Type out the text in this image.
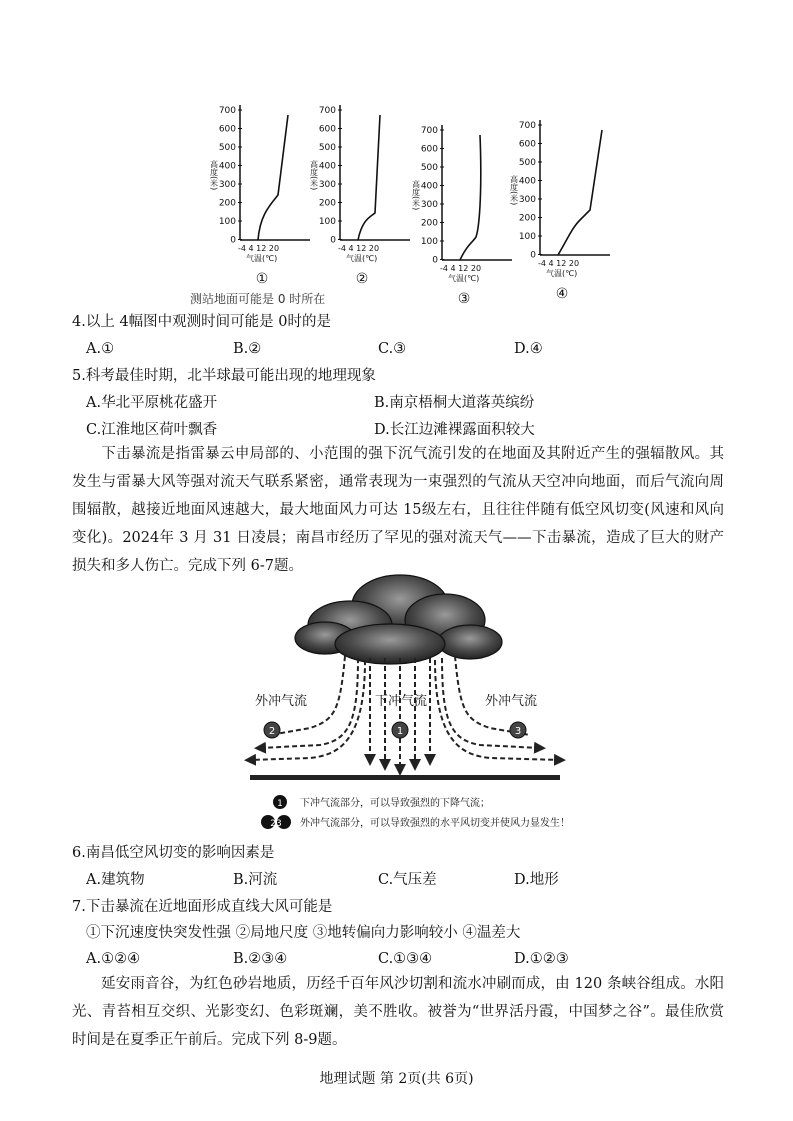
700
600
500
400
300
200
100
0
高度(米)
-4 4 12 20
气温(℃)
①
700
600
500
400
300
200
100
0
高度(米)
-4 4 12 20
气温(℃)
②
700
600
500
400
300
200
100
0
高度(米)
-4 4 12 20
气温(℃)
③
700
600
500
400
300
200
100
0
高度(米)
-4 4 12 20
气温(℃)
④
测站地面可能是 0 时所在
4.以上 4幅图中观测时间可能是 0时的是
A.①	B.②	C.③	D.④
5.科考最佳时期，北半球最可能出现的地理现象
A.华北平原桃花盛开	B.南京梧桐大道落英缤纷
C.江淮地区荷叶飘香	D.长江边滩裸露面积较大
下击暴流是指雷暴云申局部的、小范围的强下沉气流引发的在地面及其附近产生的强辐散风。其发生与雷暴大风等强对流天气联系紧密，通常表现为一束强烈的气流从天空冲向地面，而后气流向周围辐散，越接近地面风速越大，最大地面风力可达 15级左右，且往往伴随有低空风切变(风速和风向变化)。2024年 3 月 31 日凌晨；南昌市经历了罕见的强对流天气——下击暴流，造成了巨大的财产损失和多人伤亡。完成下列 6-7题。
外冲气流	下冲气流	外冲气流
1
2	3
1 下冲气流部分，可以导致强烈的下降气流；
23 外冲气流部分，可以导致强烈的水平风切变并使风力显发生！
6.南昌低空风切变的影响因素是
A.建筑物	B.河流	C.气压差	D.地形
7.下击暴流在近地面形成直线大风可能是
①下沉速度快突发性强 ②局地尺度 ③地转偏向力影响较小 ④温差大
A.①②④	B.②③④	C.①③④	D.①②③
延安雨音谷，为红色砂岩地质，历经千百年风沙切割和流水冲刷而成，由 120 条峡谷组成。水阳光、青苔相互交织、光影变幻、色彩斑斓，美不胜收。被誉为“世界活丹霞，中国梦之谷”。最佳欣赏时间是在夏季正午前后。完成下列 8-9题。
地理试题 第 2页(共 6页)
